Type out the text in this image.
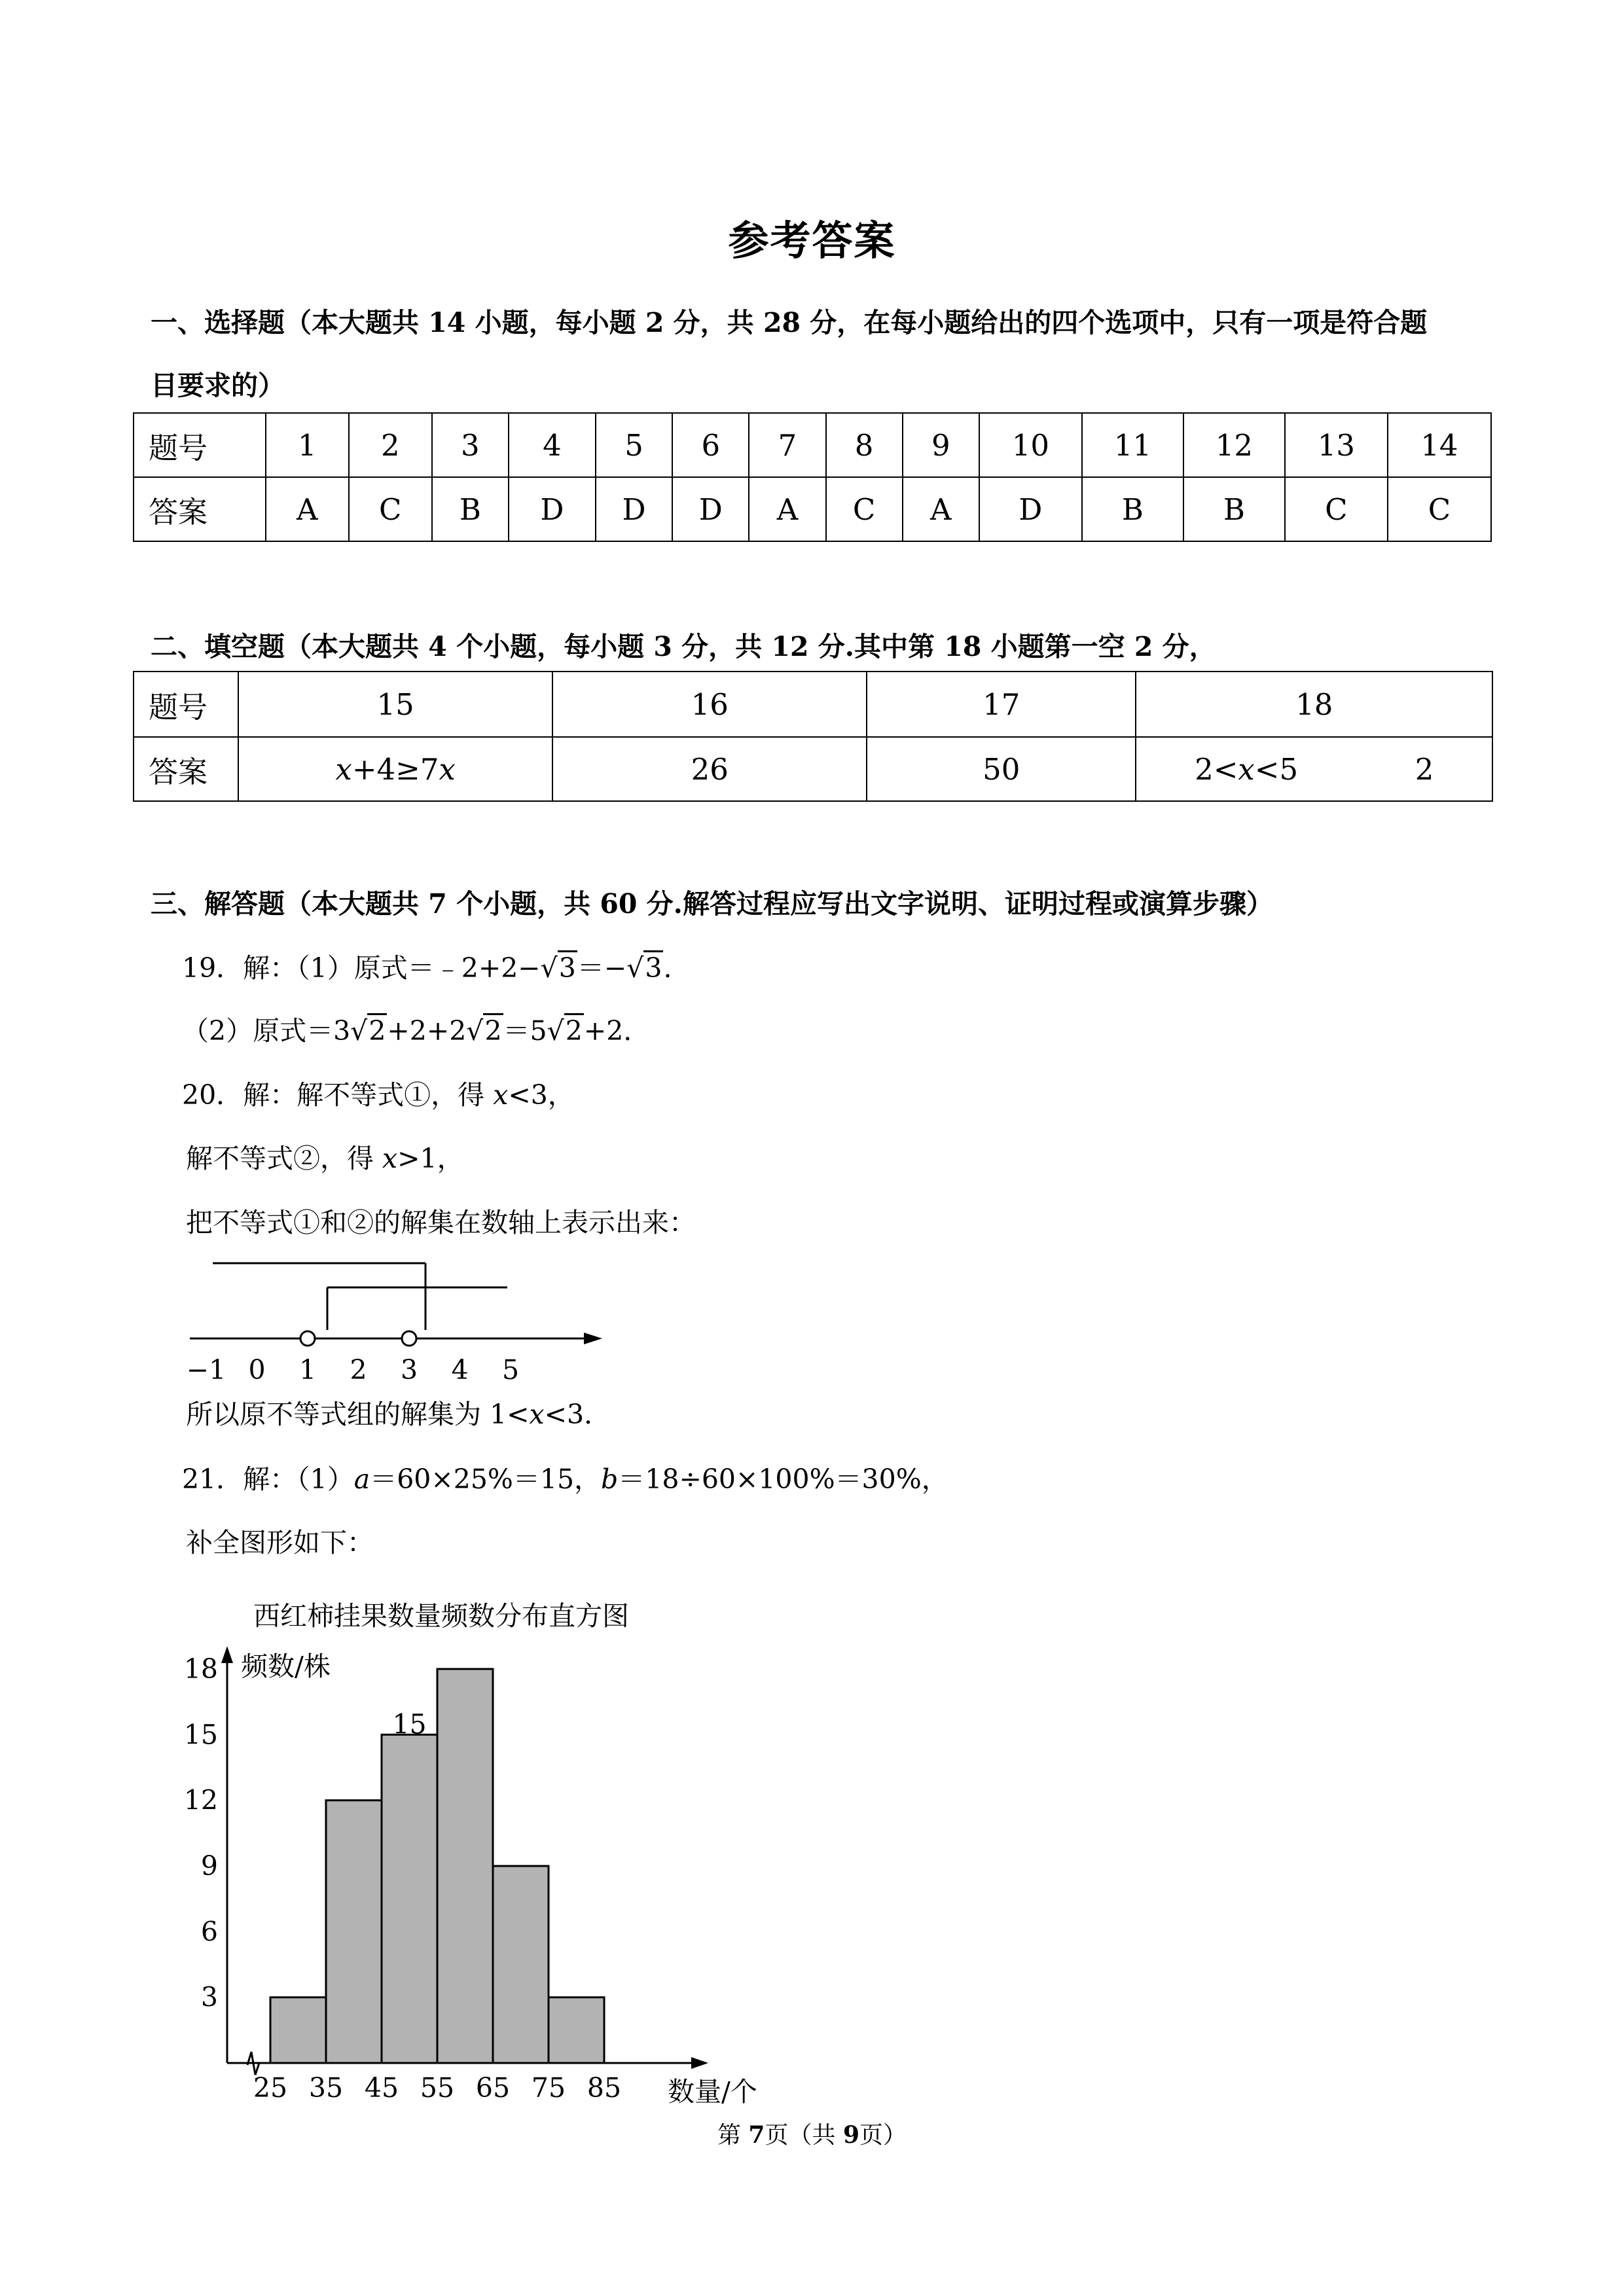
参考答案
一、选择题（本大题共 14 小题，每小题 2 分，共 28 分，在每小题给出的四个选项中，只有一项是符合题
目要求的）
题号	1	2	3	4	5	6	7	8	9	10	11	12	13	14
答案	A	C	B	D	D	D	A	C	A	D	B	B	C	C
二、填空题（本大题共 4 个小题，每小题 3 分，共 12 分.其中第 18 小题第一空 2 分，
题号	15	16	17	18
答案	x+4≥7x	26	50	2<x<5 2
三、解答题（本大题共 7 个小题，共 60 分.解答过程应写出文字说明、证明过程或演算步骤）
19．解：（1）原式＝﹣2+2−√3＝−√3.
（2）原式＝3√2+2+2√2＝5√2+2.
20．解：解不等式①，得 x<3，
解不等式②，得 x>1，
把不等式①和②的解集在数轴上表示出来：
−1 0 1 2 3 4 5
所以原不等式组的解集为 1<x<3.
21．解：（1）a＝60×25%＝15，b＝18÷60×100%＝30%，
补全图形如下：
西红柿挂果数量频数分布直方图
频数/株
数量/个
3
6
9
12
15
18
25 35 45 55 65 75 85
15
第 7页（共 9页）
